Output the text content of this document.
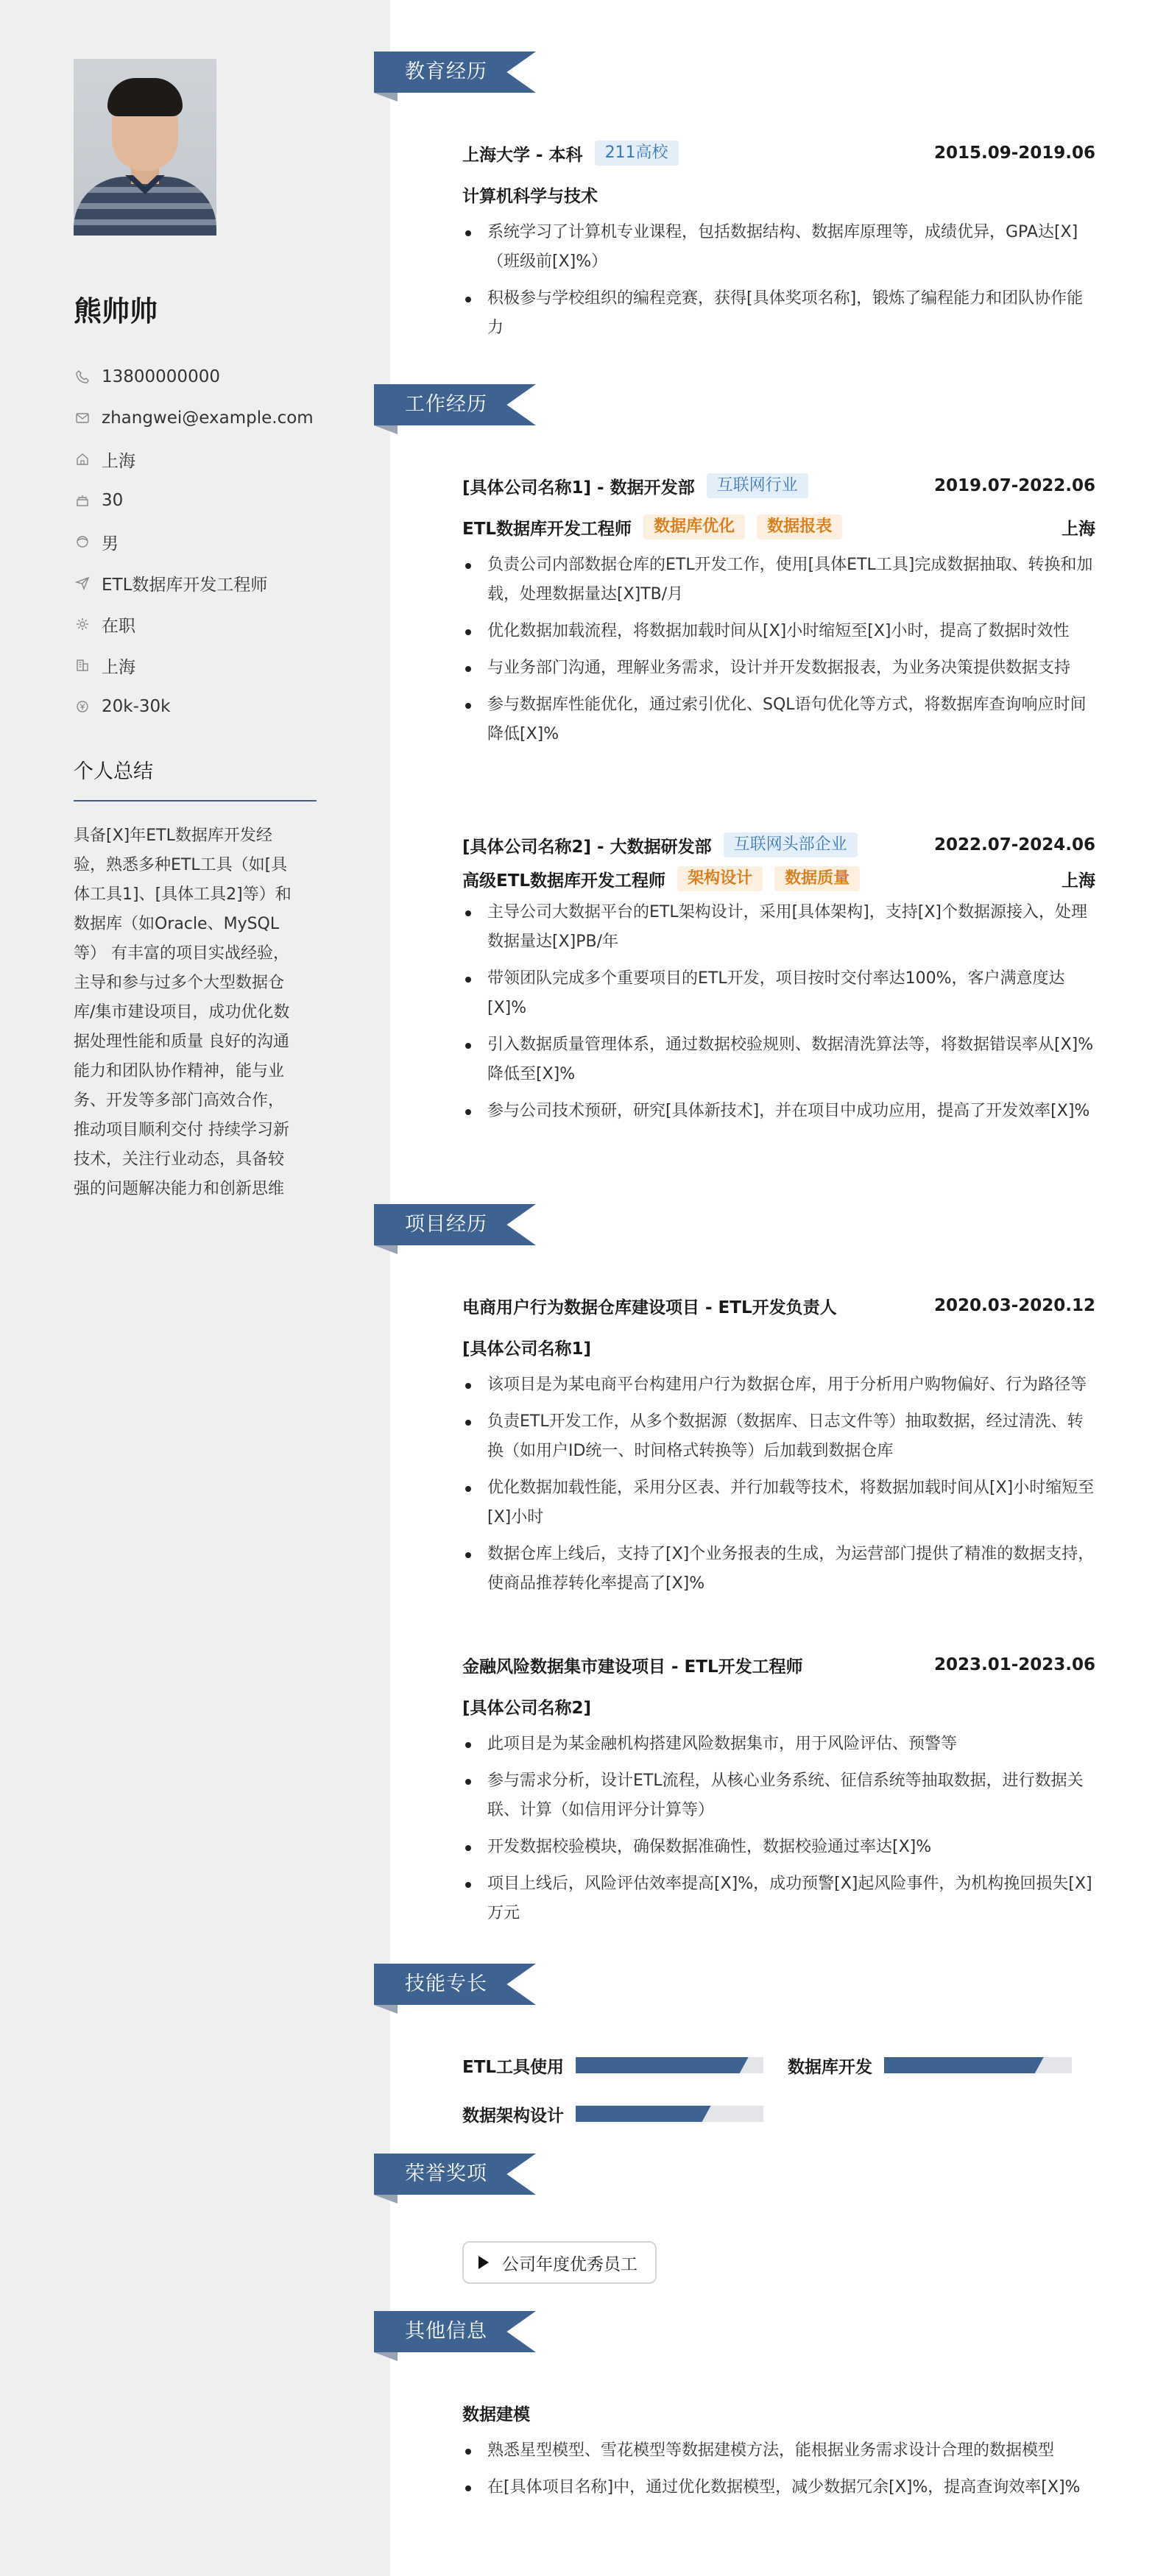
熊帅帅
13800000000
zhangwei@example.com
上海
30
男
ETL数据库开发工程师
在职
上海
20k-30k
个人总结
具备[X]年ETL数据库开发经
验，熟悉多种ETL工具（如[具
体工具1]、[具体工具2]等）和
数据库（如Oracle、MySQL
等） 有丰富的项目实战经验，
主导和参与过多个大型数据仓
库/集市建设项目，成功优化数
据处理性能和质量 良好的沟通
能力和团队协作精神，能与业
务、开发等多部门高效合作，
推动项目顺利交付 持续学习新
技术，关注行业动态，具备较
强的问题解决能力和创新思维
教育经历
上海大学 - 本科	211高校	2015.09-2019.06
计算机科学与技术
系统学习了计算机专业课程，包括数据结构、数据库原理等，成绩优异，GPA达[X]（班级前[X]%）
积极参与学校组织的编程竞赛，获得[具体奖项名称]，锻炼了编程能力和团队协作能力
工作经历
[具体公司名称1] - 数据开发部	互联网行业	2019.07-2022.06
ETL数据库开发工程师	数据库优化	数据报表	上海
负责公司内部数据仓库的ETL开发工作，使用[具体ETL工具]完成数据抽取、转换和加载，处理数据量达[X]TB/月
优化数据加载流程，将数据加载时间从[X]小时缩短至[X]小时，提高了数据时效性
与业务部门沟通，理解业务需求，设计并开发数据报表，为业务决策提供数据支持
参与数据库性能优化，通过索引优化、SQL语句优化等方式，将数据库查询响应时间降低[X]%
[具体公司名称2] - 大数据研发部	互联网头部企业	2022.07-2024.06
高级ETL数据库开发工程师	架构设计	数据质量	上海
主导公司大数据平台的ETL架构设计，采用[具体架构]，支持[X]个数据源接入，处理数据量达[X]PB/年
带领团队完成多个重要项目的ETL开发，项目按时交付率达100%，客户满意度达[X]%
引入数据质量管理体系，通过数据校验规则、数据清洗算法等，将数据错误率从[X]%降低至[X]%
参与公司技术预研，研究[具体新技术]，并在项目中成功应用，提高了开发效率[X]%
项目经历
电商用户行为数据仓库建设项目 - ETL开发负责人	2020.03-2020.12
[具体公司名称1]
该项目是为某电商平台构建用户行为数据仓库，用于分析用户购物偏好、行为路径等
负责ETL开发工作，从多个数据源（数据库、日志文件等）抽取数据，经过清洗、转换（如用户ID统一、时间格式转换等）后加载到数据仓库
优化数据加载性能，采用分区表、并行加载等技术，将数据加载时间从[X]小时缩短至[X]小时
数据仓库上线后，支持了[X]个业务报表的生成，为运营部门提供了精准的数据支持，使商品推荐转化率提高了[X]%
金融风险数据集市建设项目 - ETL开发工程师	2023.01-2023.06
[具体公司名称2]
此项目是为某金融机构搭建风险数据集市，用于风险评估、预警等
参与需求分析，设计ETL流程，从核心业务系统、征信系统等抽取数据，进行数据关联、计算（如信用评分计算等）
开发数据校验模块，确保数据准确性，数据校验通过率达[X]%
项目上线后，风险评估效率提高[X]%，成功预警[X]起风险事件，为机构挽回损失[X]万元
技能专长
ETL工具使用	数据库开发
数据架构设计
荣誉奖项
公司年度优秀员工
其他信息
数据建模
熟悉星型模型、雪花模型等数据建模方法，能根据业务需求设计合理的数据模型
在[具体项目名称]中，通过优化数据模型，减少数据冗余[X]%，提高查询效率[X]%
